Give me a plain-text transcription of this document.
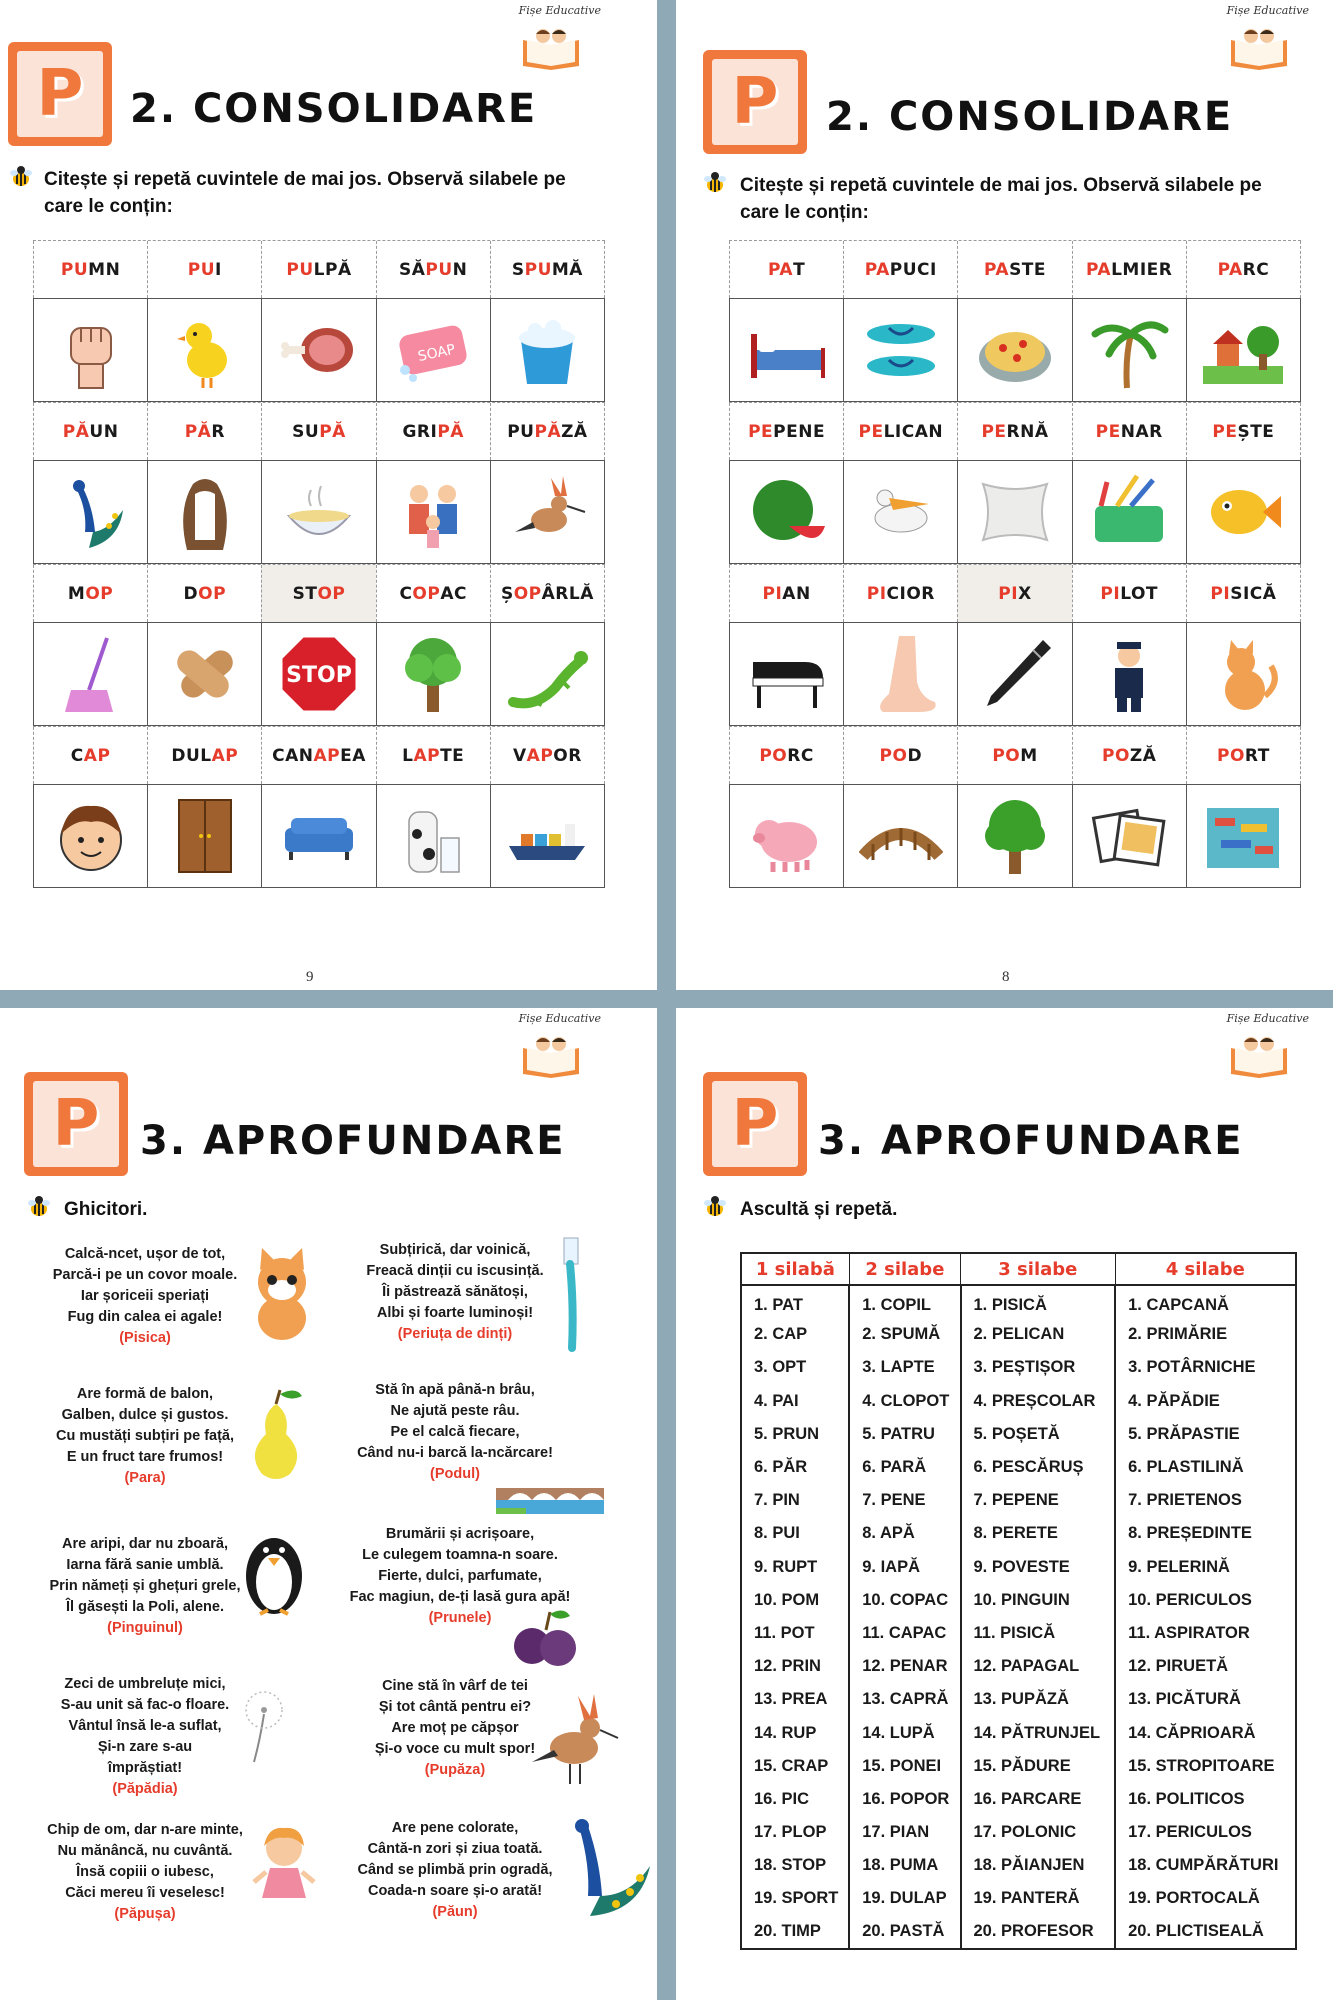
Fișe Educative
P	2. CONSOLIDARE
Citește și repetă cuvintele de mai jos. Observă silabele pe care le conțin:
PU MN	PU I	PU LPĂ	SĂ PU N	S PU MĂ
SOAP
PĂ UN	PĂ R	SU PĂ	GRI PĂ	PU PĂ ZĂ
M OP	D OP	ST OP	C OP AC	Ș OP ÂRLĂ
STOP
C AP	DUL AP	CAN AP EA	L AP TE	V AP OR
9
Fișe Educative
P	2. CONSOLIDARE
Citește și repetă cuvintele de mai jos. Observă silabele pe care le conțin:
PA T	PA PUCI	PA STE	PA LMIER	PA RC
PE PENE	PE LICAN	PE RNĂ	PE NAR	PE ȘTE
PI AN	PI CIOR	PI X	PI LOT	PI SICĂ
PO RC	PO D	PO M	PO ZĂ	PO RT
8
Fișe Educative
P	3. APROFUNDARE
Ghicitori.
Calcă-ncet, ușor de tot,
Parcă-i pe un covor moale.
Iar șoriceii speriați
Fug din calea ei agale!
(Pisica)
Subțirică, dar voinică,
Freacă dinții cu iscusință.
Îi păstrează sănătoși,
Albi și foarte luminoși!
(Periuța de dinți)
Are formă de balon,
Galben, dulce și gustos.
Cu mustăți subțiri pe față,
E un fruct tare frumos!
(Para)
Stă în apă până-n brâu,
Ne ajută peste râu.
Pe el calcă fiecare,
Când nu-i barcă la-ncărcare!
(Podul)
Are aripi, dar nu zboară,
Iarna fără sanie umblă.
Prin nămeți și ghețuri grele,
Îl găsești la Poli, alene.
(Pinguinul)
Brumării și acrișoare,
Le culegem toamna-n soare.
Fierte, dulci, parfumate,
Fac magiun, de-ți lasă gura apă!
(Prunele)
Zeci de umbreluțe mici,
S-au unit să fac-o floare.
Vântul însă le-a suflat,
Și-n zare s-au
împrăștiat!
(Păpădia)
Cine stă în vârf de tei
Și tot cântă pentru ei?
Are moț pe căpșor
Și-o voce cu mult spor!
(Pupăza)
Chip de om, dar n-are minte,
Nu mănâncă, nu cuvântă.
Însă copiii o iubesc,
Căci mereu îi veselesc!
(Păpușa)
Are pene colorate,
Cântă-n zori și ziua toată.
Când se plimbă prin ogradă,
Coada-n soare și-o arată!
(Păun)
Fișe Educative
P 3. APROFUNDARE
Ascultă și repetă.
1 silabă	2 silabe	3 silabe	4 silabe
1. PAT	1. COPIL	1. PISICĂ	1. CAPCANĂ
2. CAP	2. SPUMĂ	2. PELICAN	2. PRIMĂRIE
3. OPT	3. LAPTE	3. PEȘTIȘOR	3. POTÂRNICHE
4. PAI	4. CLOPOT	4. PREȘCOLAR	4. PĂPĂDIE
5. PRUN	5. PATRU	5. POȘETĂ	5. PRĂPASTIE
6. PĂR	6. PARĂ	6. PESCĂRUȘ	6. PLASTILINĂ
7. PIN	7. PENE	7. PEPENE	7. PRIETENOS
8. PUI	8. APĂ	8. PERETE	8. PREȘEDINTE
9. RUPT	9. IAPĂ	9. POVESTE	9. PELERINĂ
10. POM	10. COPAC	10. PINGUIN	10. PERICULOS
11. POT	11. CAPAC	11. PISICĂ	11. ASPIRATOR
12. PRIN	12. PENAR	12. PAPAGAL	12. PIRUETĂ
13. PREA	13. CAPRĂ	13. PUPĂZĂ	13. PICĂTURĂ
14. RUP	14. LUPĂ	14. PĂTRUNJEL	14. CĂPRIOARĂ
15. CRAP	15. PONEI	15. PĂDURE	15. STROPITOARE
16. PIC	16. POPOR	16. PARCARE	16. POLITICOS
17. PLOP	17. PIAN	17. POLONIC	17. PERICULOS
18. STOP	18. PUMA	18. PĂIANJEN	18. CUMPĂRĂTURI
19. SPORT	19. DULAP	19. PANTERĂ	19. PORTOCALĂ
20. TIMP	20. PASTĂ	20. PROFESOR	20. PLICTISEALĂ
